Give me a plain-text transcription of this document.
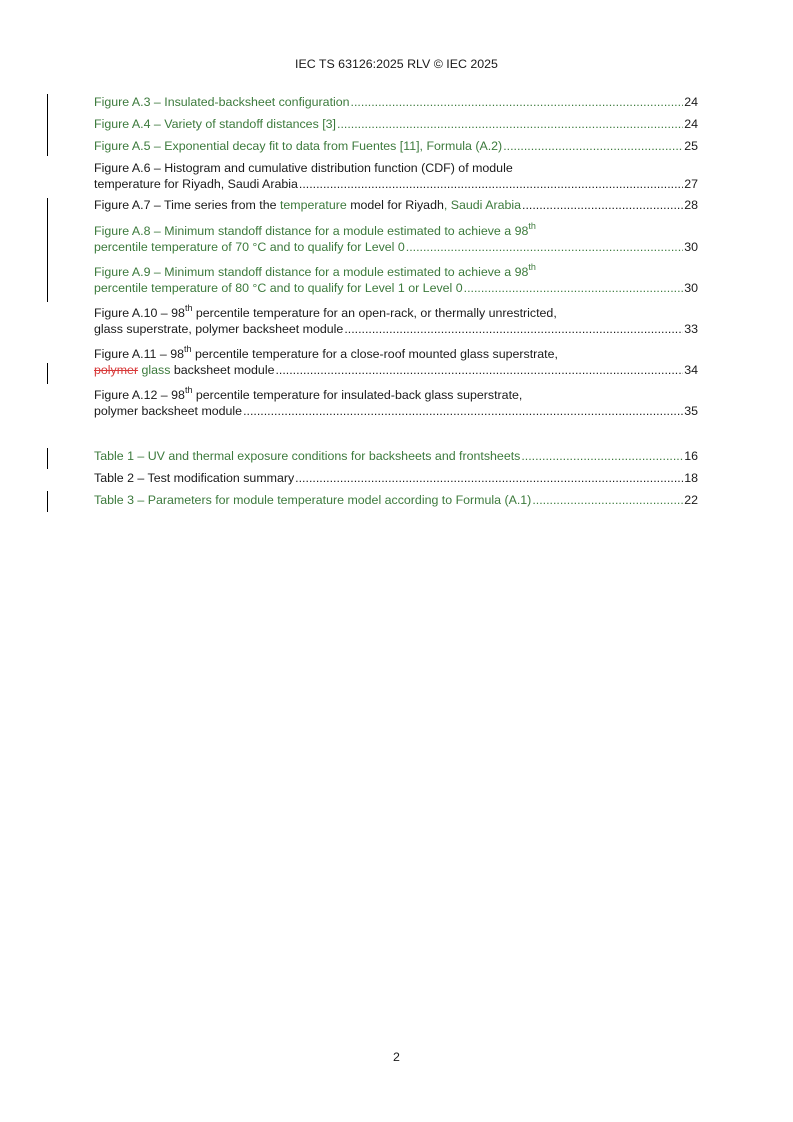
IEC TS 63126:2025 RLV © IEC 2025
Figure A.3 – Insulated-backsheet configuration .....	24
Figure A.4 – Variety of standoff distances [3] .....	24
Figure A.5 – Exponential decay fit to data from Fuentes [11], Formula (A.2) .....	25
Figure A.6 – Histogram and cumulative distribution function (CDF) of module
temperature for Riyadh, Saudi Arabia .....	27
Figure A.7 – Time series from the temperature model for Riyadh, Saudi Arabia .....	28
Figure A.8 – Minimum standoff distance for a module estimated to achieve a 98th
percentile temperature of 70 °C and to qualify for Level 0 .....	30
Figure A.9 – Minimum standoff distance for a module estimated to achieve a 98th
percentile temperature of 80 °C and to qualify for Level 1 or Level 0 .....	30
Figure A.10 – 98th percentile temperature for an open-rack, or thermally unrestricted,
glass superstrate, polymer backsheet module .....	33
Figure A.11 – 98th percentile temperature for a close-roof mounted glass superstrate,
polymer glass backsheet module .....	34
Figure A.12 – 98th percentile temperature for insulated-back glass superstrate,
polymer backsheet module .....	35
Table 1 – UV and thermal exposure conditions for backsheets and frontsheets .....	16
Table 2 – Test modification summary .....	18
Table 3 – Parameters for module temperature model according to Formula (A.1) .....	22
2
